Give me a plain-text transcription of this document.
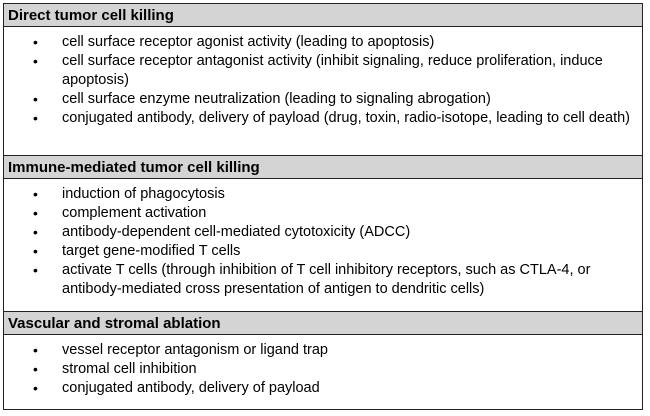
Direct tumor cell killing
• cell surface receptor agonist activity (leading to apoptosis)
• cell surface receptor antagonist activity (inhibit signaling, reduce proliferation, induce apoptosis)
• cell surface enzyme neutralization (leading to signaling abrogation)
• conjugated antibody, delivery of payload (drug, toxin, radio-isotope, leading to cell death)
Immune-mediated tumor cell killing
• induction of phagocytosis
• complement activation
• antibody-dependent cell-mediated cytotoxicity (ADCC)
• target gene-modified T cells
• activate T cells (through inhibition of T cell inhibitory receptors, such as CTLA-4, or antibody-mediated cross presentation of antigen to dendritic cells)
Vascular and stromal ablation
• vessel receptor antagonism or ligand trap
• stromal cell inhibition
• conjugated antibody, delivery of payload
